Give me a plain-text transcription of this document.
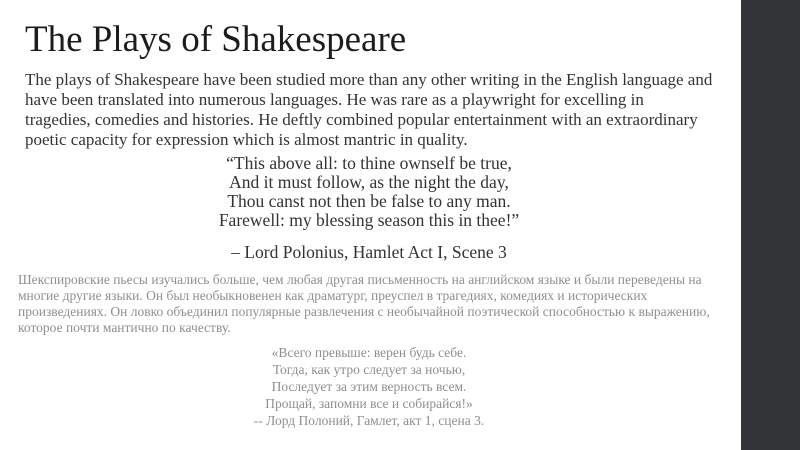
The Plays of Shakespeare

The plays of Shakespeare have been studied more than any other writing in the English language and have been translated into numerous languages. He was rare as a playwright for excelling in tragedies, comedies and histories. He deftly combined popular entertainment with an extraordinary poetic capacity for expression which is almost mantric in quality.

“This above all: to thine ownself be true,
And it must follow, as the night the day,
Thou canst not then be false to any man.
Farewell: my blessing season this in thee!”
– Lord Polonius, Hamlet Act I, Scene 3

Шекспировские пьесы изучались больше, чем любая другая письменность на английском языке и были переведены на многие другие языки. Он был необыкновенен как драматург, преуспел в трагедиях, комедиях и исторических произведениях. Он ловко объединил популярные развлечения с необычайной поэтической способностью к выражению, которое почти мантично по качеству.

«Всего превыше: верен будь себе.
Тогда, как утро следует за ночью,
Последует за этим верность всем.
Прощай, запомни все и собирайся!»
-- Лорд Полоний, Гамлет, акт 1, сцена 3.
